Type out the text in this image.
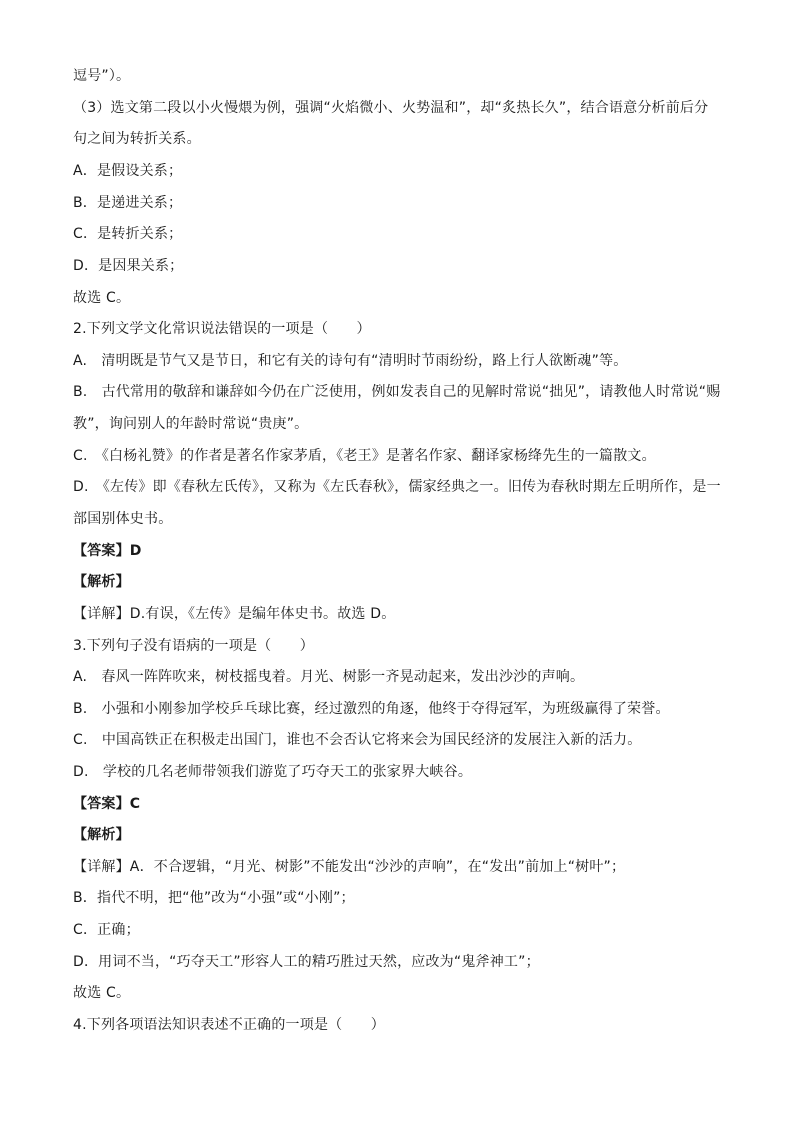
逗号”）。
（3）选文第二段以小火慢煨为例，强调“火焰微小、火势温和”，却“炙热长久”，结合语意分析前后分
句之间为转折关系。
A．是假设关系；
B．是递进关系；
C．是转折关系；
D．是因果关系；
故选 C。
2.下列文学文化常识说法错误的一项是（　　）
A.　清明既是节气又是节日，和它有关的诗句有“清明时节雨纷纷，路上行人欲断魂”等。
B.　古代常用的敬辞和谦辞如今仍在广泛使用，例如发表自己的见解时常说“拙见”，请教他人时常说“赐
教”，询问别人的年龄时常说“贵庚”。
C.　《白杨礼赞》的作者是著名作家茅盾，《老王》是著名作家、翻译家杨绛先生的一篇散文。
D.　《左传》即《春秋左氏传》，又称为《左氏春秋》，儒家经典之一。旧传为春秋时期左丘明所作，是一
部国别体史书。
【答案】D
【解析】
【详解】D.有误，《左传》是编年体史书。故选 D。
3.下列句子没有语病的一项是（　　）
A.　春风一阵阵吹来，树枝摇曳着。月光、树影一齐晃动起来，发出沙沙的声响。
B.　小强和小刚参加学校乒乓球比赛，经过激烈的角逐，他终于夺得冠军，为班级赢得了荣誉。
C.　中国高铁正在积极走出国门，谁也不会否认它将来会为国民经济的发展注入新的活力。
D.　学校的几名老师带领我们游览了巧夺天工的张家界大峡谷。
【答案】C
【解析】
【详解】A．不合逻辑，“月光、树影”不能发出“沙沙的声响”，在“发出”前加上“树叶”；
B．指代不明，把“他”改为“小强”或“小刚”；
C．正确；
D．用词不当，“巧夺天工”形容人工的精巧胜过天然，应改为“鬼斧神工”；
故选 C。
4.下列各项语法知识表述不正确的一项是（　　）
